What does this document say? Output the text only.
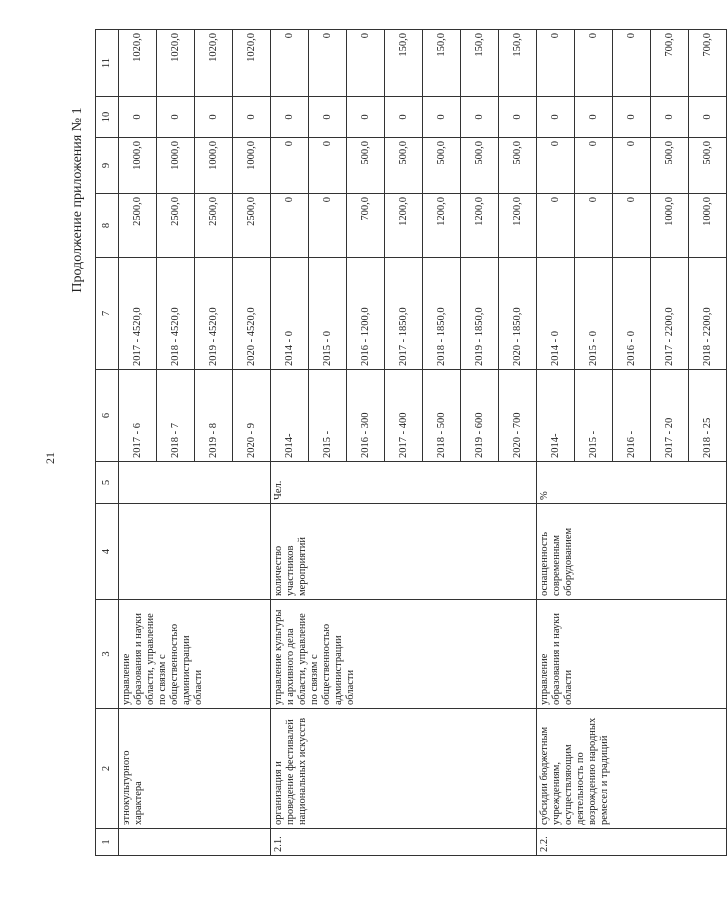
21
Продолжение приложения № 1
1	2	3	4	5	6	7	8	9	10	11
	этнокультурного характера	управление образования и науки области, управление по связям с общественностью администрации области			2017 - 6	2017 - 4520,0	2500,0	1000,0	0	1020,0
					2018 - 7	2018 - 4520,0	2500,0	1000,0	0	1020,0
					2019 - 8	2019 - 4520,0	2500,0	1000,0	0	1020,0
					2020 - 9	2020 - 4520,0	2500,0	1000,0	0	1020,0
2.1.	организация и проведение фестивалей национальных искусств	управление культуры и архивного дела области, управление по связям с общественностью администрации области	количество участников мероприятий	Чел.	2014-	2014 - 0	0	0	0	0
					2015 -	2015 - 0	0	0	0	0
					2016 - 300	2016 - 1200,0	700,0	500,0	0	0
					2017 - 400	2017 - 1850,0	1200,0	500,0	0	150,0
					2018 - 500	2018 - 1850,0	1200,0	500,0	0	150,0
					2019 - 600	2019 - 1850,0	1200,0	500,0	0	150,0
					2020 - 700	2020 - 1850,0	1200,0	500,0	0	150,0
2.2.	субсидии бюджетным учреждениям, осуществляющим деятельность по возрождению народных ремесел и традиций	управление образования и науки области	оснащенность современным оборудованием	%	2014-	2014 - 0	0	0	0	0
					2015 -	2015 - 0	0	0	0	0
					2016 -	2016 - 0	0	0	0	0
					2017 - 20	2017 - 2200,0	1000,0	500,0	0	700,0
					2018 - 25	2018 - 2200,0	1000,0	500,0	0	700,0
